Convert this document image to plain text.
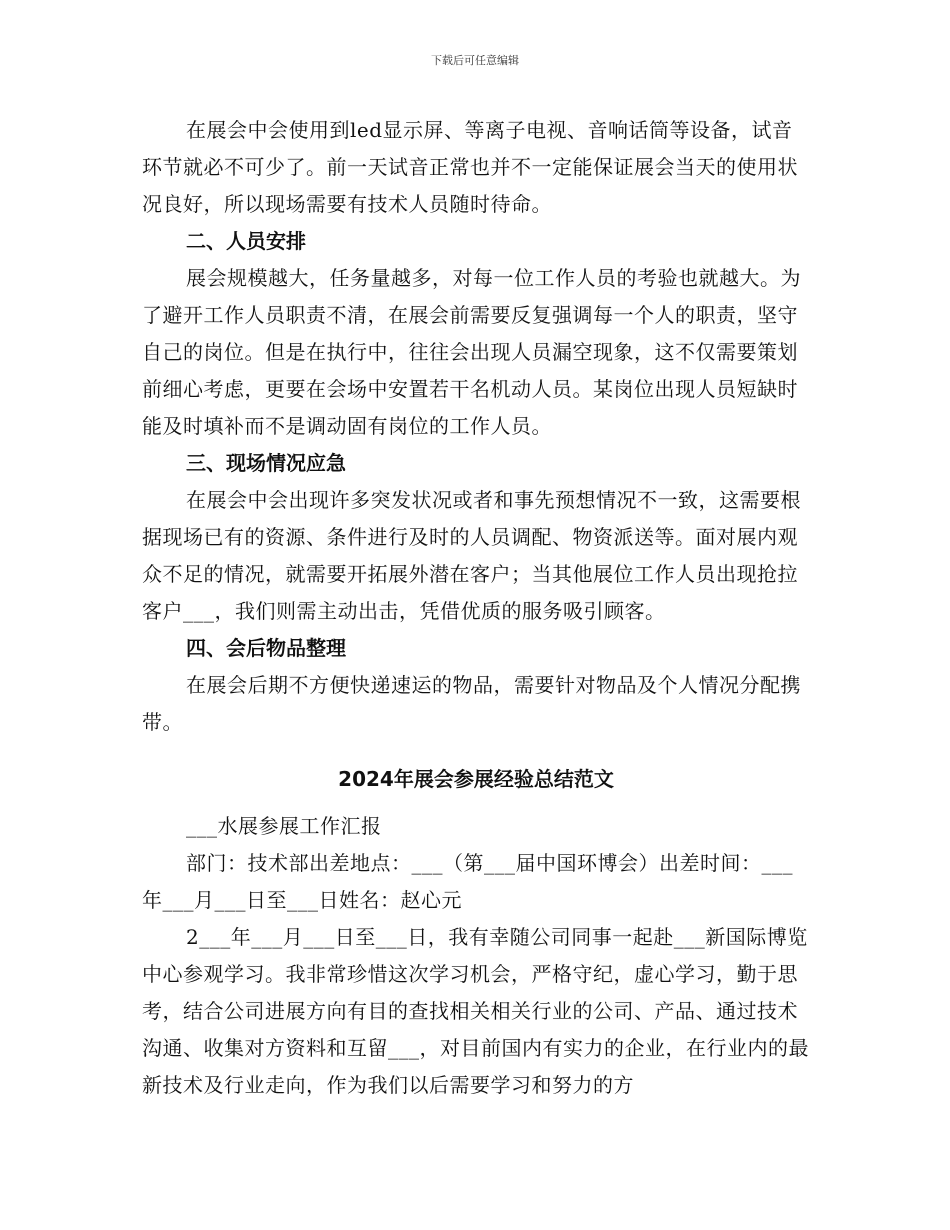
下载后可任意编辑

在展会中会使用到led显示屏、等离子电视、音响话筒等设备，试音环节就必不可少了。前一天试音正常也并不一定能保证展会当天的使用状况良好，所以现场需要有技术人员随时待命。

二、人员安排

展会规模越大，任务量越多，对每一位工作人员的考验也就越大。为了避开工作人员职责不清，在展会前需要反复强调每一个人的职责，坚守自己的岗位。但是在执行中，往往会出现人员漏空现象，这不仅需要策划前细心考虑，更要在会场中安置若干名机动人员。某岗位出现人员短缺时能及时填补而不是调动固有岗位的工作人员。

三、现场情况应急

在展会中会出现许多突发状况或者和事先预想情况不一致，这需要根据现场已有的资源、条件进行及时的人员调配、物资派送等。面对展内观众不足的情况，就需要开拓展外潜在客户；当其他展位工作人员出现抢拉客户___，我们则需主动出击，凭借优质的服务吸引顾客。

四、会后物品整理

在展会后期不方便快递速运的物品，需要针对物品及个人情况分配携带。

2024年展会参展经验总结范文

___水展参展工作汇报

部门：技术部出差地点：___（第___届中国环博会）出差时间：___年___月___日至___日姓名：赵心元

2___年___月___日至___日，我有幸随公司同事一起赴___新国际博览中心参观学习。我非常珍惜这次学习机会，严格守纪，虚心学习，勤于思考，结合公司进展方向有目的查找相关相关行业的公司、产品、通过技术沟通、收集对方资料和互留___，对目前国内有实力的企业，在行业内的最新技术及行业走向，作为我们以后需要学习和努力的方
